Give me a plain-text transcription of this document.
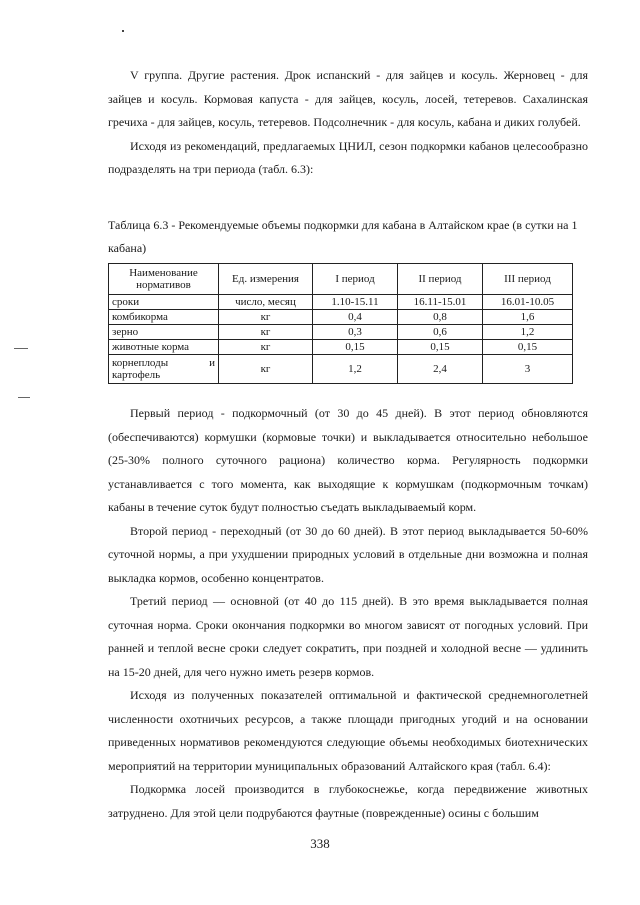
V группа. Другие растения. Дрок испанский - для зайцев и косуль. Жерновец - для зайцев и косуль. Кормовая капуста - для зайцев, косуль, лосей, тетеревов. Сахалинская гречиха - для зайцев, косуль, тетеревов. Подсолнечник - для косуль, кабана и диких голубей.

Исходя из рекомендаций, предлагаемых ЦНИЛ, сезон подкормки кабанов целесообразно подразделять на три периода (табл. 6.3):

Таблица 6.3 - Рекомендуемые объемы подкормки для кабана в Алтайском крае (в сутки на 1 кабана)
Наименование нормативов	Ед. измерения	I период	II период	III период
сроки	число, месяц	1.10-15.11	16.11-15.01	16.01-10.05
комбикорма	кг	0,4	0,8	1,6
зерно	кг	0,3	0,6	1,2
животные корма	кг	0,15	0,15	0,15
корнеплоды и картофель	кг	1,2	2,4	3

Первый период - подкормочный (от 30 до 45 дней). В этот период обновляются (обеспечиваются) кормушки (кормовые точки) и выкладывается относительно небольшое (25-30% полного суточного рациона) количество корма. Регулярность подкормки устанавливается с того момента, как выходящие к кормушкам (подкормочным точкам) кабаны в течение суток будут полностью съедать выкладываемый корм.

Второй период - переходный (от 30 до 60 дней). В этот период выкладывается 50-60% суточной нормы, а при ухудшении природных условий в отдельные дни возможна и полная выкладка кормов, особенно концентратов.

Третий период — основной (от 40 до 115 дней). В это время выкладывается полная суточная норма. Сроки окончания подкормки во многом зависят от погодных условий. При ранней и теплой весне сроки следует сократить, при поздней и холодной весне — удлинить на 15-20 дней, для чего нужно иметь резерв кормов.

Исходя из полученных показателей оптимальной и фактической среднемноголетней численности охотничьих ресурсов, а также площади пригодных угодий и на основании приведенных нормативов рекомендуются следующие объемы необходимых биотехнических мероприятий на территории муниципальных образований Алтайского края (табл. 6.4):

Подкормка лосей производится в глубокоснежье, когда передвижение животных затруднено. Для этой цели подрубаются фаутные (поврежденные) осины с большим

338
